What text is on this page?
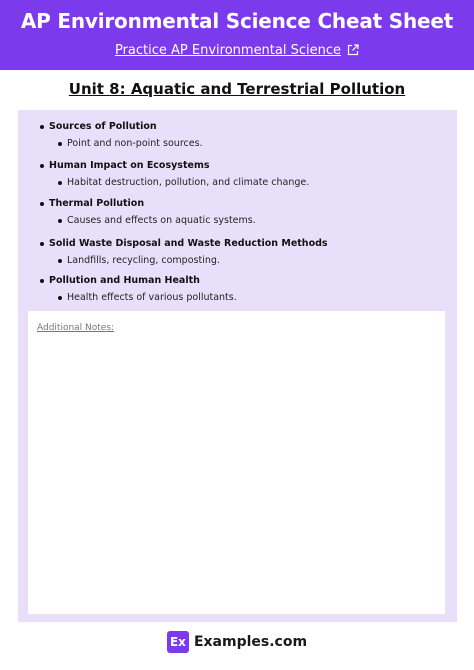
AP Environmental Science Cheat Sheet
Practice AP Environmental Science
Unit 8: Aquatic and Terrestrial Pollution
Sources of Pollution
Point and non-point sources.
Human Impact on Ecosystems
Habitat destruction, pollution, and climate change.
Thermal Pollution
Causes and effects on aquatic systems.
Solid Waste Disposal and Waste Reduction Methods
Landfills, recycling, composting.
Pollution and Human Health
Health effects of various pollutants.
Additional Notes:
Ex Examples.com
